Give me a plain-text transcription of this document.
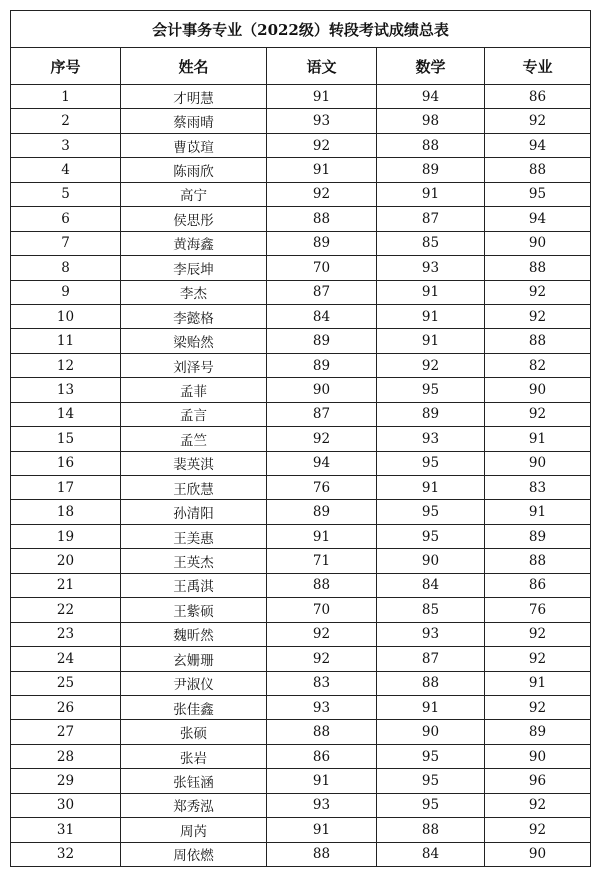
会计事务专业（2022级）转段考试成绩总表				
序号	姓名	语文	数学	专业
1	才明慧	91	94	86
2	蔡雨晴	93	98	92
3	曹苡瑄	92	88	94
4	陈雨欣	91	89	88
5	高宁	92	91	95
6	侯思彤	88	87	94
7	黄海鑫	89	85	90
8	李辰坤	70	93	88
9	李杰	87	91	92
10	李懿格	84	91	92
11	梁贻然	89	91	88
12	刘泽号	89	92	82
13	孟菲	90	95	90
14	孟言	87	89	92
15	孟竺	92	93	91
16	裴英淇	94	95	90
17	王欣慧	76	91	83
18	孙清阳	89	95	91
19	王美惠	91	95	89
20	王英杰	71	90	88
21	王禹淇	88	84	86
22	王紫硕	70	85	76
23	魏昕然	92	93	92
24	玄姗珊	92	87	92
25	尹淑仪	83	88	91
26	张佳鑫	93	91	92
27	张硕	88	90	89
28	张岩	86	95	90
29	张钰涵	91	95	96
30	郑秀泓	93	95	92
31	周芮	91	88	92
32	周依燃	88	84	90
